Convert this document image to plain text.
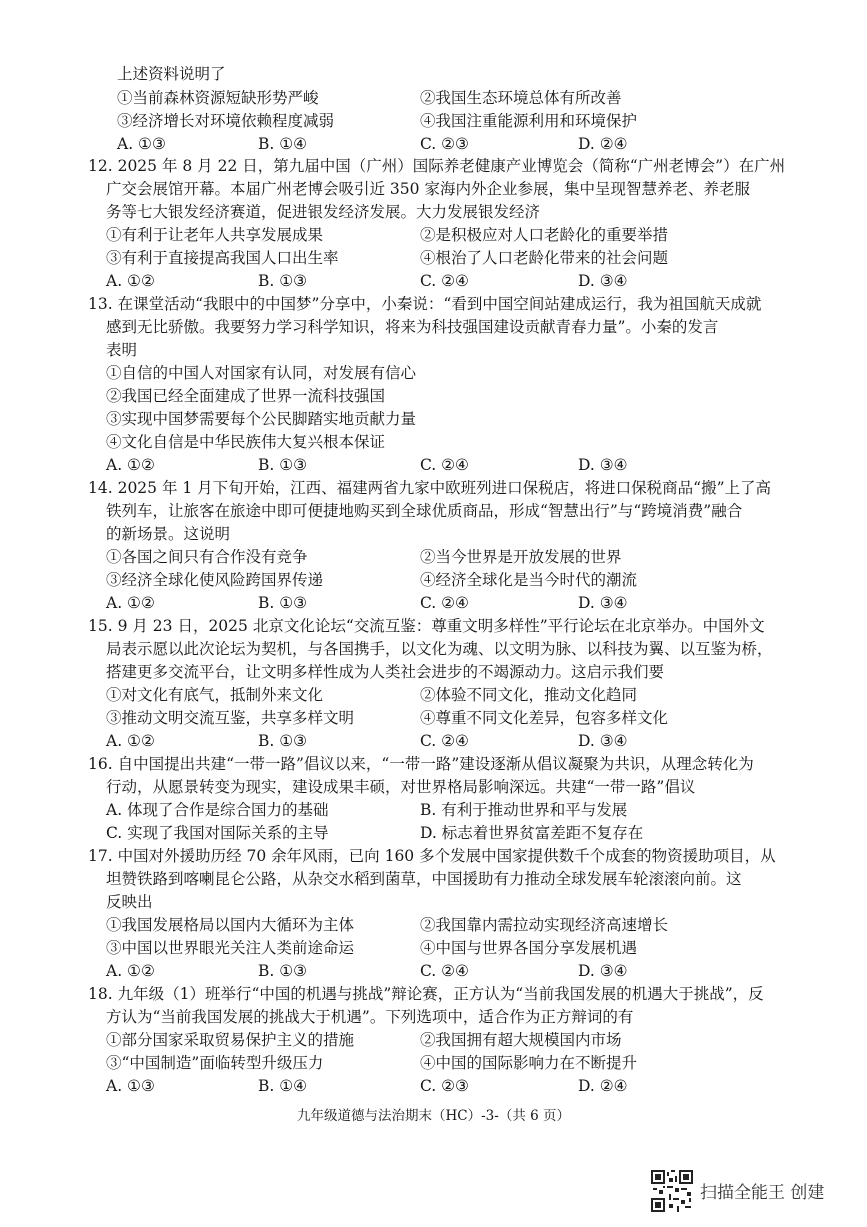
上述资料说明了
①当前森林资源短缺形势严峻	②我国生态环境总体有所改善
③经济增长对环境依赖程度减弱	④我国注重能源利用和环境保护
A. ①③	B. ①④	C. ②③	D. ②④
12. 2025 年 8 月 22 日，第九届中国（广州）国际养老健康产业博览会（简称“广州老博会”）在广州
广交会展馆开幕。本届广州老博会吸引近 350 家海内外企业参展，集中呈现智慧养老、养老服
务等七大银发经济赛道，促进银发经济发展。大力发展银发经济
①有利于让老年人共享发展成果	②是积极应对人口老龄化的重要举措
③有利于直接提高我国人口出生率	④根治了人口老龄化带来的社会问题
A. ①②	B. ①③	C. ②④	D. ③④
13. 在课堂活动“我眼中的中国梦”分享中，小秦说：“看到中国空间站建成运行，我为祖国航天成就
感到无比骄傲。我要努力学习科学知识，将来为科技强国建设贡献青春力量”。小秦的发言
表明
①自信的中国人对国家有认同，对发展有信心
②我国已经全面建成了世界一流科技强国
③实现中国梦需要每个公民脚踏实地贡献力量
④文化自信是中华民族伟大复兴根本保证
A. ①②	B. ①③	C. ②④	D. ③④
14. 2025 年 1 月下旬开始，江西、福建两省九家中欧班列进口保税店，将进口保税商品“搬”上了高
铁列车，让旅客在旅途中即可便捷地购买到全球优质商品，形成“智慧出行”与“跨境消费”融合
的新场景。这说明
①各国之间只有合作没有竞争	②当今世界是开放发展的世界
③经济全球化使风险跨国界传递	④经济全球化是当今时代的潮流
A. ①②	B. ①③	C. ②④	D. ③④
15. 9 月 23 日，2025 北京文化论坛“交流互鉴：尊重文明多样性”平行论坛在北京举办。中国外文
局表示愿以此次论坛为契机，与各国携手，以文化为魂、以文明为脉、以科技为翼、以互鉴为桥，
搭建更多交流平台，让文明多样性成为人类社会进步的不竭源动力。这启示我们要
①对文化有底气，抵制外来文化	②体验不同文化，推动文化趋同
③推动文明交流互鉴，共享多样文明	④尊重不同文化差异，包容多样文化
A. ①②	B. ①③	C. ②④	D. ③④
16. 自中国提出共建“一带一路”倡议以来，“一带一路”建设逐渐从倡议凝聚为共识，从理念转化为
行动，从愿景转变为现实，建设成果丰硕，对世界格局影响深远。共建“一带一路”倡议
A. 体现了合作是综合国力的基础	B. 有利于推动世界和平与发展
C. 实现了我国对国际关系的主导	D. 标志着世界贫富差距不复存在
17. 中国对外援助历经 70 余年风雨，已向 160 多个发展中国家提供数千个成套的物资援助项目，从
坦赞铁路到喀喇昆仑公路，从杂交水稻到菌草，中国援助有力推动全球发展车轮滚滚向前。这
反映出
①我国发展格局以国内大循环为主体	②我国靠内需拉动实现经济高速增长
③中国以世界眼光关注人类前途命运	④中国与世界各国分享发展机遇
A. ①②	B. ①③	C. ②④	D. ③④
18. 九年级（1）班举行“中国的机遇与挑战”辩论赛，正方认为“当前我国发展的机遇大于挑战”，反
方认为“当前我国发展的挑战大于机遇”。下列选项中，适合作为正方辩词的有
①部分国家采取贸易保护主义的措施	②我国拥有超大规模国内市场
③“中国制造”面临转型升级压力	④中国的国际影响力在不断提升
A. ①③	B. ①④	C. ②③	D. ②④
九年级道德与法治期末（HC）-3-（共 6 页）
扫描全能王 创建
